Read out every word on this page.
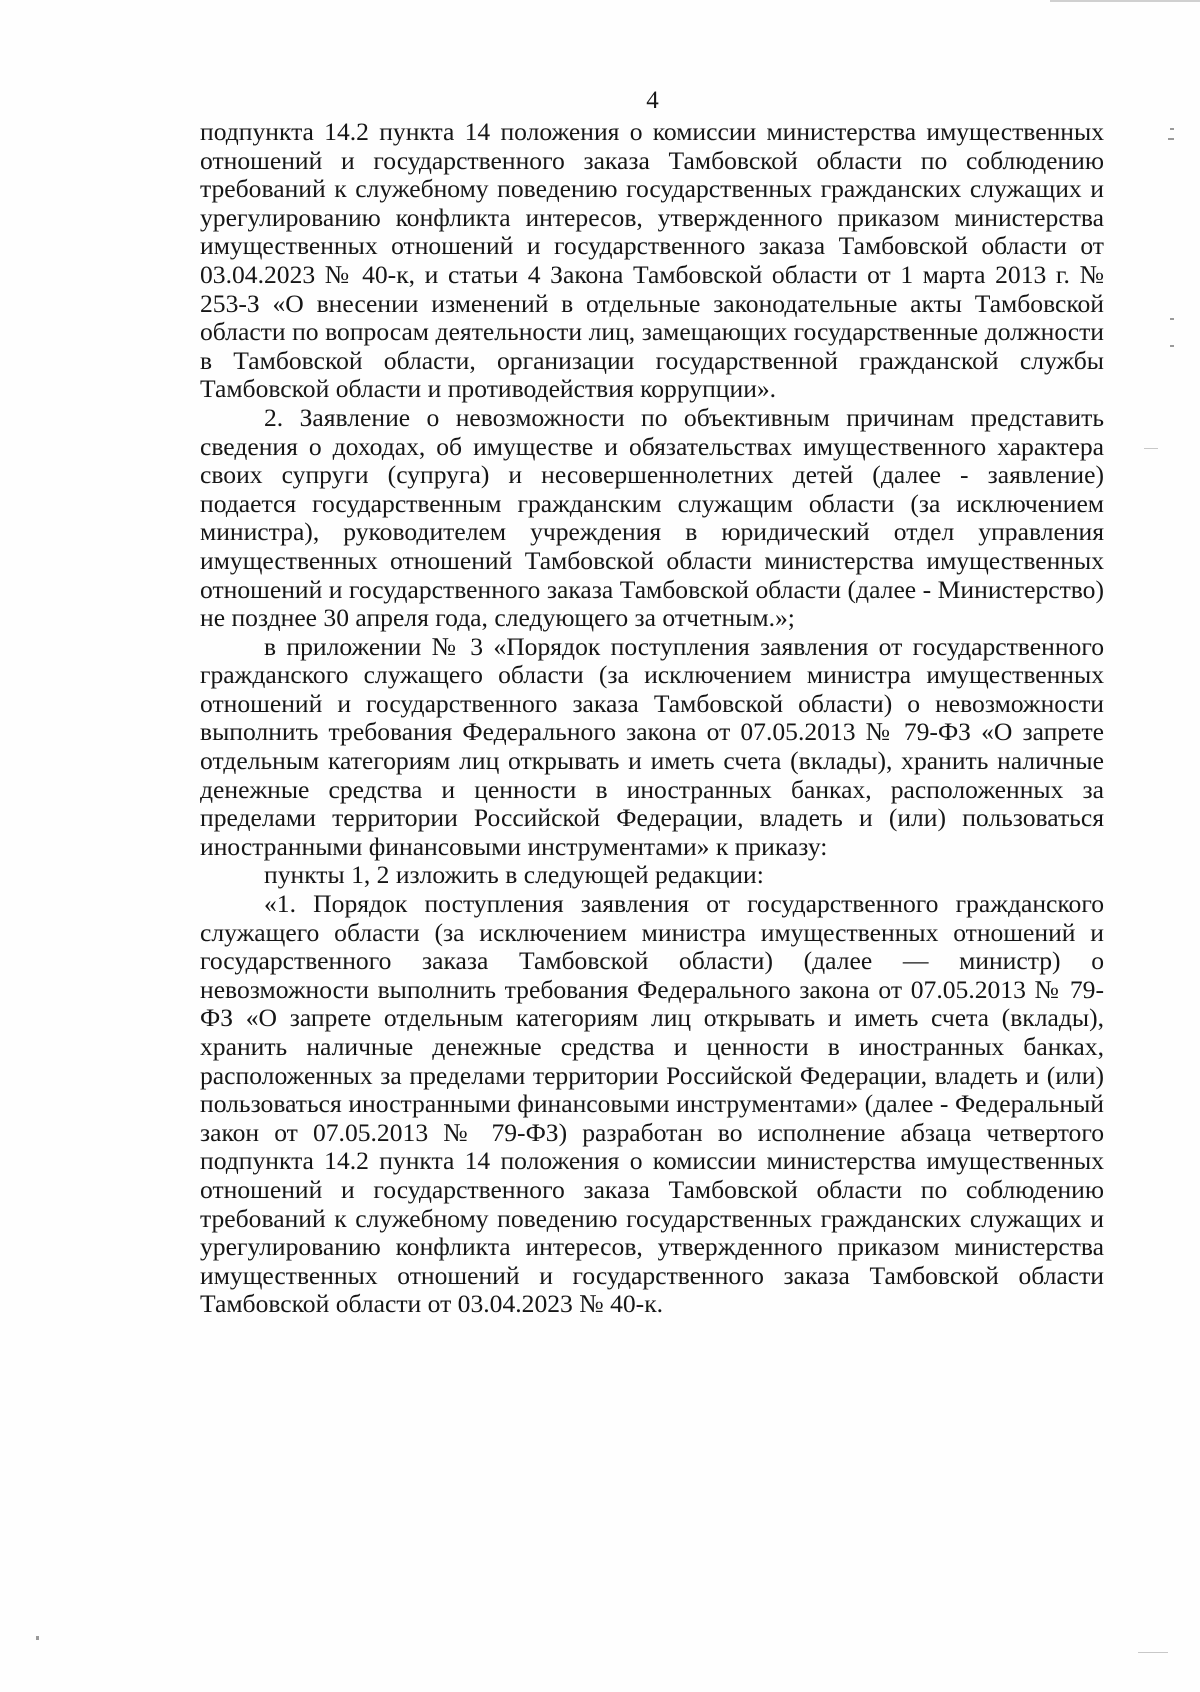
4

подпункта 14.2 пункта 14 положения о комиссии министерства имущественных отношений и государственного заказа Тамбовской области по соблюдению требований к служебному поведению государственных гражданских служащих и урегулированию конфликта интересов, утвержденного приказом министерства имущественных отношений и государственного заказа Тамбовской области от 03.04.2023 № 40-к, и статьи 4 Закона Тамбовской области от 1 марта 2013 г. № 253-З «О внесении изменений в отдельные законодательные акты Тамбовской области по вопросам деятельности лиц, замещающих государственные должности в Тамбовской области, организации государственной гражданской службы Тамбовской области и противодействия коррупции».

2. Заявление о невозможности по объективным причинам представить сведения о доходах, об имуществе и обязательствах имущественного характера своих супруги (супруга) и несовершеннолетних детей (далее - заявление) подается государственным гражданским служащим области (за исключением министра), руководителем учреждения в юридический отдел управления имущественных отношений Тамбовской области министерства имущественных отношений и государственного заказа Тамбовской области (далее - Министерство) не позднее 30 апреля года, следующего за отчетным.»;

в приложении № 3 «Порядок поступления заявления от государственного гражданского служащего области (за исключением министра имущественных отношений и государственного заказа Тамбовской области) о невозможности выполнить требования Федерального закона от 07.05.2013 № 79-ФЗ «О запрете отдельным категориям лиц открывать и иметь счета (вклады), хранить наличные денежные средства и ценности в иностранных банках, расположенных за пределами территории Российской Федерации, владеть и (или) пользоваться иностранными финансовыми инструментами» к приказу:

пункты 1, 2 изложить в следующей редакции:

«1. Порядок поступления заявления от государственного гражданского служащего области (за исключением министра имущественных отношений и государственного заказа Тамбовской области) (далее — министр) о невозможности выполнить требования Федерального закона от 07.05.2013 № 79-ФЗ «О запрете отдельным категориям лиц открывать и иметь счета (вклады), хранить наличные денежные средства и ценности в иностранных банках, расположенных за пределами территории Российской Федерации, владеть и (или) пользоваться иностранными финансовыми инструментами» (далее - Федеральный закон от 07.05.2013 № 79-ФЗ) разработан во исполнение абзаца четвертого подпункта 14.2 пункта 14 положения о комиссии министерства имущественных отношений и государственного заказа Тамбовской области по соблюдению требований к служебному поведению государственных гражданских служащих и урегулированию конфликта интересов, утвержденного приказом министерства имущественных отношений и государственного заказа Тамбовской области Тамбовской области от 03.04.2023 № 40-к.
